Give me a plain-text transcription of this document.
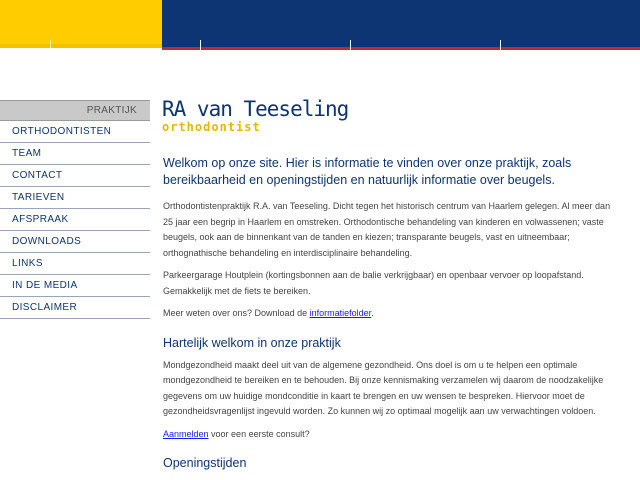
PRAKTIJK
ORTHODONTISTEN
TEAM
CONTACT
TARIEVEN
AFSPRAAK
DOWNLOADS
LINKS
IN DE MEDIA
DISCLAIMER
RA van Teeseling
orthodontist

Welkom op onze site. Hier is informatie te vinden over onze praktijk, zoals bereikbaarheid en openingstijden en natuurlijk informatie over beugels.

Orthodontistenpraktijk R.A. van Teeseling. Dicht tegen het historisch centrum van Haarlem gelegen. Al meer dan 25 jaar een begrip in Haarlem en omstreken. Orthodontische behandeling van kinderen en volwassenen; vaste beugels, ook aan de binnenkant van de tanden en kiezen; transparante beugels, vast en uitneembaar; orthognathische behandeling en interdisciplinaire behandeling.

Parkeergarage Houtplein (kortingsbonnen aan de balie verkrijgbaar) en openbaar vervoer op loopafstand. Gemakkelijk met de fiets te bereiken.

Meer weten over ons? Download de informatiefolder.

Hartelijk welkom in onze praktijk

Mondgezondheid maakt deel uit van de algemene gezondheid. Ons doel is om u te helpen een optimale mondgezondheid te bereiken en te behouden. Bij onze kennismaking verzamelen wij daarom de noodzakelijke gegevens om uw huidige mondconditie in kaart te brengen en uw wensen te bespreken. Hiervoor moet de gezondheidsvragenlijst ingevuld worden. Zo kunnen wij zo optimaal mogelijk aan uw verwachtingen voldoen.

Aanmelden voor een eerste consult?

Openingstijden
